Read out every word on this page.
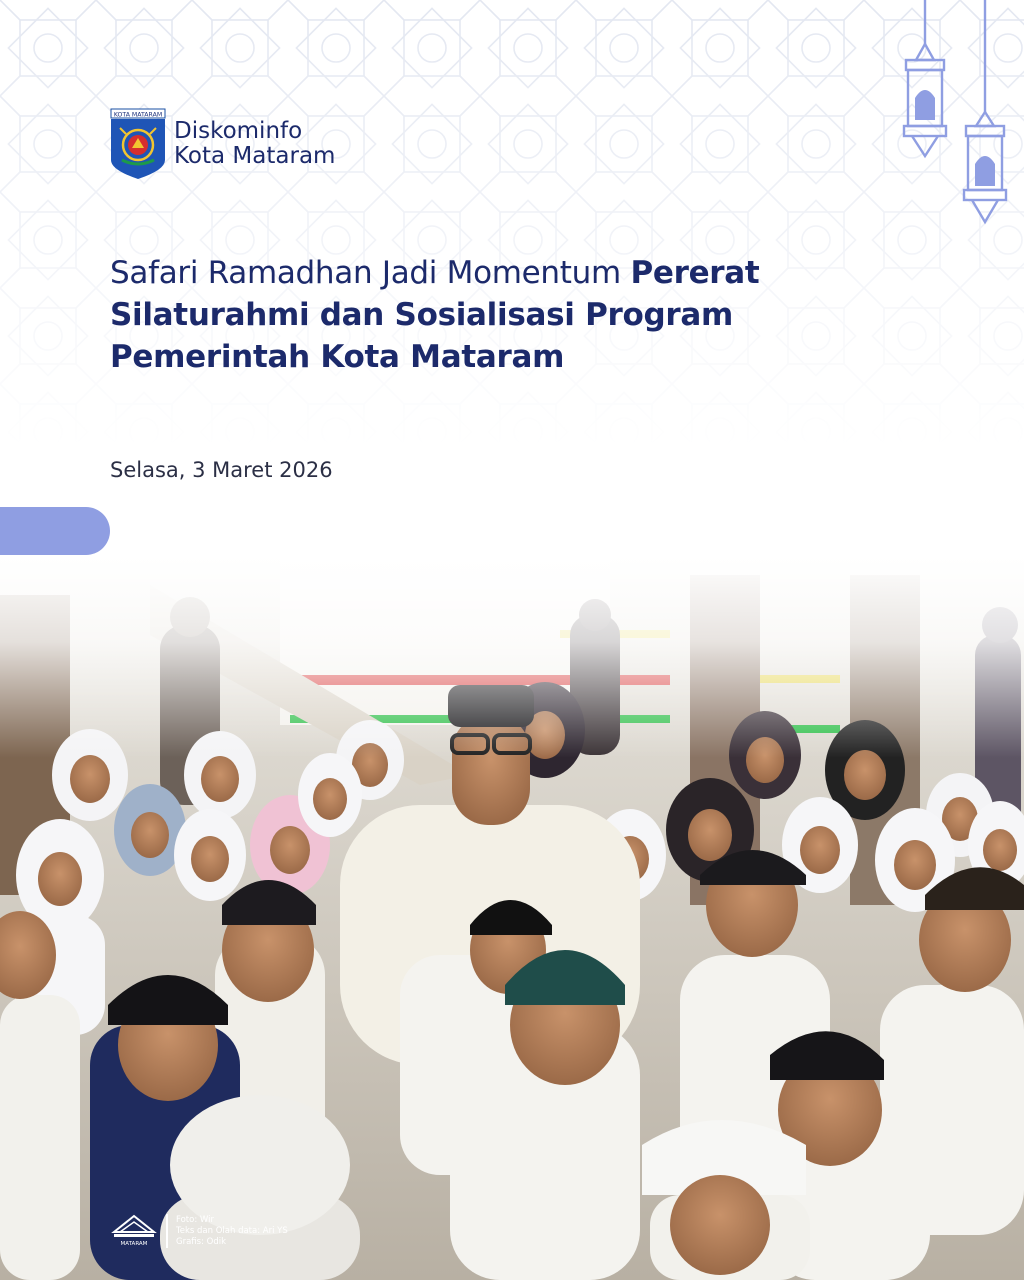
KOTA MATARAM
Diskominfo
Kota Mataram
Safari Ramadhan Jadi Momentum Pererat Silaturahmi dan Sosialisasi Program Pemerintah Kota Mataram
Selasa, 3 Maret 2026
MATARAM
Foto: Wir
Teks dan Olah data: Ari YS
Grafis: Odik
